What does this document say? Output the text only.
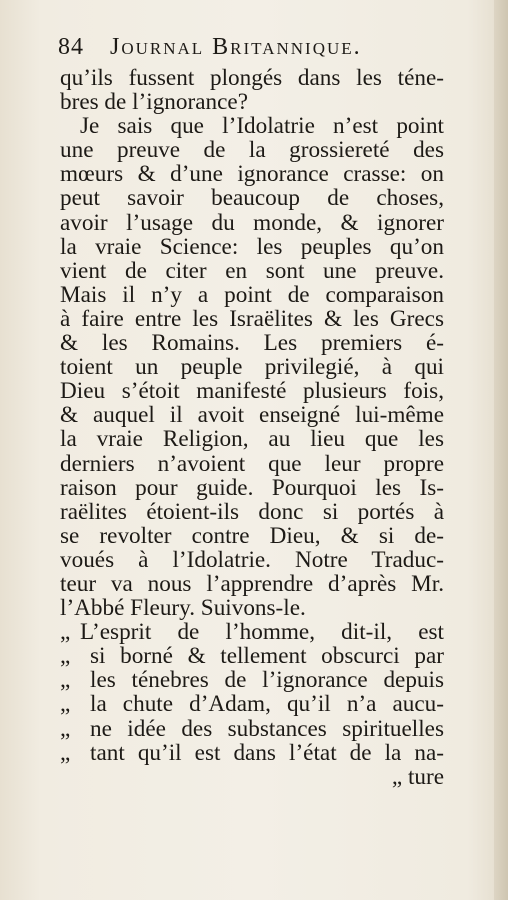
84 Journal Britannique.
qu’ils fussent plongés dans les téne-
bres de l’ignorance?
Je sais que l’Idolatrie n’est point
une preuve de la grossiereté des
mœurs & d’une ignorance crasse: on
peut savoir beaucoup de choses,
avoir l’usage du monde, & ignorer
la vraie Science: les peuples qu’on
vient de citer en sont une preuve.
Mais il n’y a point de comparaison
à faire entre les Israëlites & les Grecs
& les Romains. Les premiers é-
toient un peuple privilegié, à qui
Dieu s’étoit manifesté plusieurs fois,
& auquel il avoit enseigné lui-même
la vraie Religion, au lieu que les
derniers n’avoient que leur propre
raison pour guide. Pourquoi les Is-
raëlites étoient-ils donc si portés à
se revolter contre Dieu, & si de-
voués à l’Idolatrie. Notre Traduc-
teur va nous l’apprendre d’après Mr.
l’Abbé Fleury. Suivons-le.
„ L’esprit de l’homme, dit-il, est
„ si borné & tellement obscurci par
„ les ténebres de l’ignorance depuis
„ la chute d’Adam, qu’il n’a aucu-
„ ne idée des substances spirituelles
„ tant qu’il est dans l’état de la na-
„ ture
